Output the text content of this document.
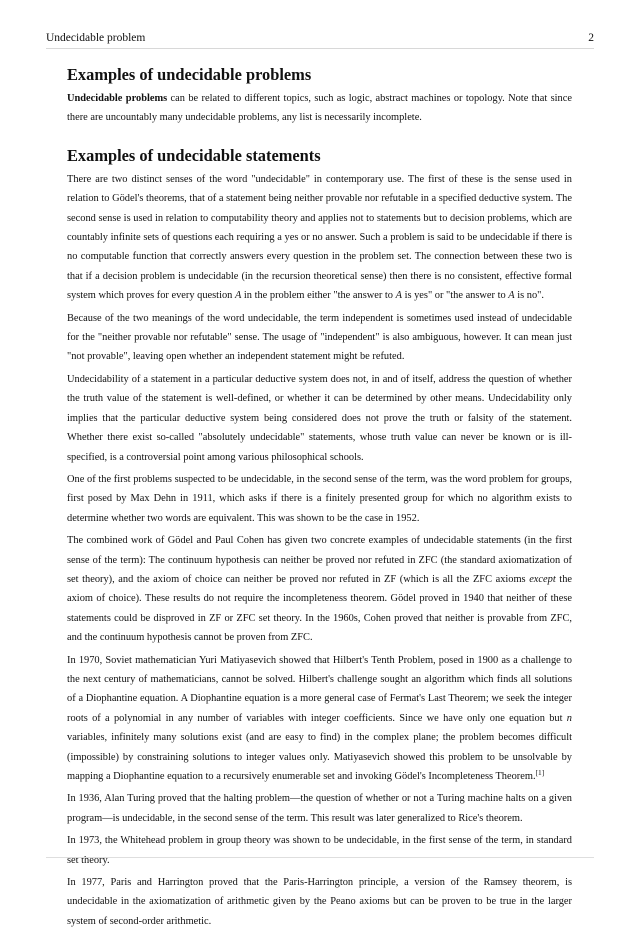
Undecidable problem	2
Examples of undecidable problems

Undecidable problems can be related to different topics, such as logic, abstract machines or topology. Note that since there are uncountably many undecidable problems, any list is necessarily incomplete.

Examples of undecidable statements

There are two distinct senses of the word "undecidable" in contemporary use. The first of these is the sense used in relation to Gödel's theorems, that of a statement being neither provable nor refutable in a specified deductive system. The second sense is used in relation to computability theory and applies not to statements but to decision problems, which are countably infinite sets of questions each requiring a yes or no answer. Such a problem is said to be undecidable if there is no computable function that correctly answers every question in the problem set. The connection between these two is that if a decision problem is undecidable (in the recursion theoretical sense) then there is no consistent, effective formal system which proves for every question A in the problem either "the answer to A is yes" or "the answer to A is no".

Because of the two meanings of the word undecidable, the term independent is sometimes used instead of undecidable for the "neither provable nor refutable" sense. The usage of "independent" is also ambiguous, however. It can mean just "not provable", leaving open whether an independent statement might be refuted.

Undecidability of a statement in a particular deductive system does not, in and of itself, address the question of whether the truth value of the statement is well-defined, or whether it can be determined by other means. Undecidability only implies that the particular deductive system being considered does not prove the truth or falsity of the statement. Whether there exist so-called "absolutely undecidable" statements, whose truth value can never be known or is ill-specified, is a controversial point among various philosophical schools.

One of the first problems suspected to be undecidable, in the second sense of the term, was the word problem for groups, first posed by Max Dehn in 1911, which asks if there is a finitely presented group for which no algorithm exists to determine whether two words are equivalent. This was shown to be the case in 1952.

The combined work of Gödel and Paul Cohen has given two concrete examples of undecidable statements (in the first sense of the term): The continuum hypothesis can neither be proved nor refuted in ZFC (the standard axiomatization of set theory), and the axiom of choice can neither be proved nor refuted in ZF (which is all the ZFC axioms except the axiom of choice). These results do not require the incompleteness theorem. Gödel proved in 1940 that neither of these statements could be disproved in ZF or ZFC set theory. In the 1960s, Cohen proved that neither is provable from ZFC, and the continuum hypothesis cannot be proven from ZFC.

In 1970, Soviet mathematician Yuri Matiyasevich showed that Hilbert's Tenth Problem, posed in 1900 as a challenge to the next century of mathematicians, cannot be solved. Hilbert's challenge sought an algorithm which finds all solutions of a Diophantine equation. A Diophantine equation is a more general case of Fermat's Last Theorem; we seek the integer roots of a polynomial in any number of variables with integer coefficients. Since we have only one equation but n variables, infinitely many solutions exist (and are easy to find) in the complex plane; the problem becomes difficult (impossible) by constraining solutions to integer values only. Matiyasevich showed this problem to be unsolvable by mapping a Diophantine equation to a recursively enumerable set and invoking Gödel's Incompleteness Theorem.[1]

In 1936, Alan Turing proved that the halting problem—the question of whether or not a Turing machine halts on a given program—is undecidable, in the second sense of the term. This result was later generalized to Rice's theorem.

In 1973, the Whitehead problem in group theory was shown to be undecidable, in the first sense of the term, in standard set theory.

In 1977, Paris and Harrington proved that the Paris-Harrington principle, a version of the Ramsey theorem, is undecidable in the axiomatization of arithmetic given by the Peano axioms but can be proven to be true in the larger system of second-order arithmetic.
